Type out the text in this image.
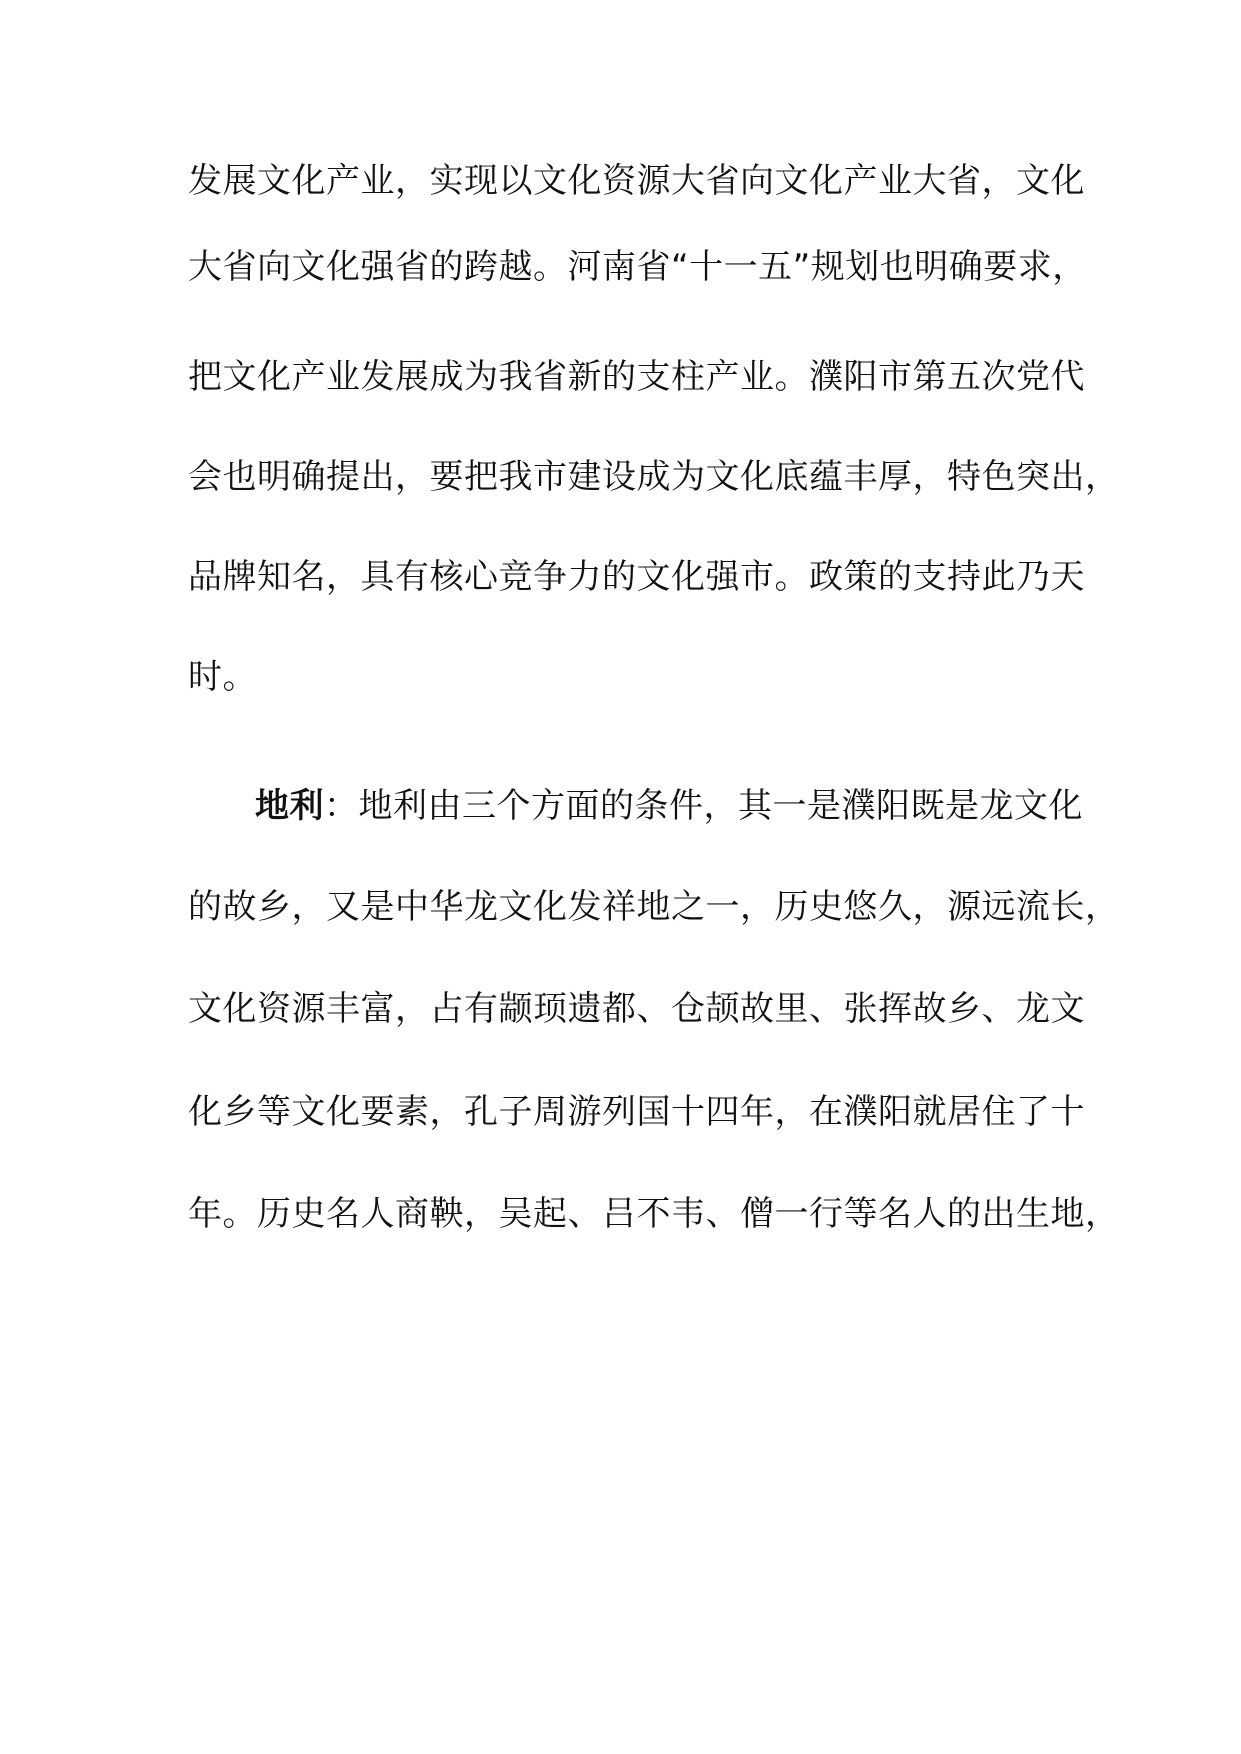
发展文化产业，实现以文化资源大省向文化产业大省，文化
大省向文化强省的跨越。河南省“十一五”规划也明确要求，
把文化产业发展成为我省新的支柱产业。濮阳市第五次党代
会也明确提出，要把我市建设成为文化底蕴丰厚，特色突出，
品牌知名，具有核心竞争力的文化强市。政策的支持此乃天
时。
地利：地利由三个方面的条件，其一是濮阳既是龙文化
的故乡，又是中华龙文化发祥地之一，历史悠久，源远流长，
文化资源丰富，占有颛顼遗都、仓颉故里、张挥故乡、龙文
化乡等文化要素，孔子周游列国十四年，在濮阳就居住了十
年。历史名人商鞅，吴起、吕不韦、僧一行等名人的出生地，
